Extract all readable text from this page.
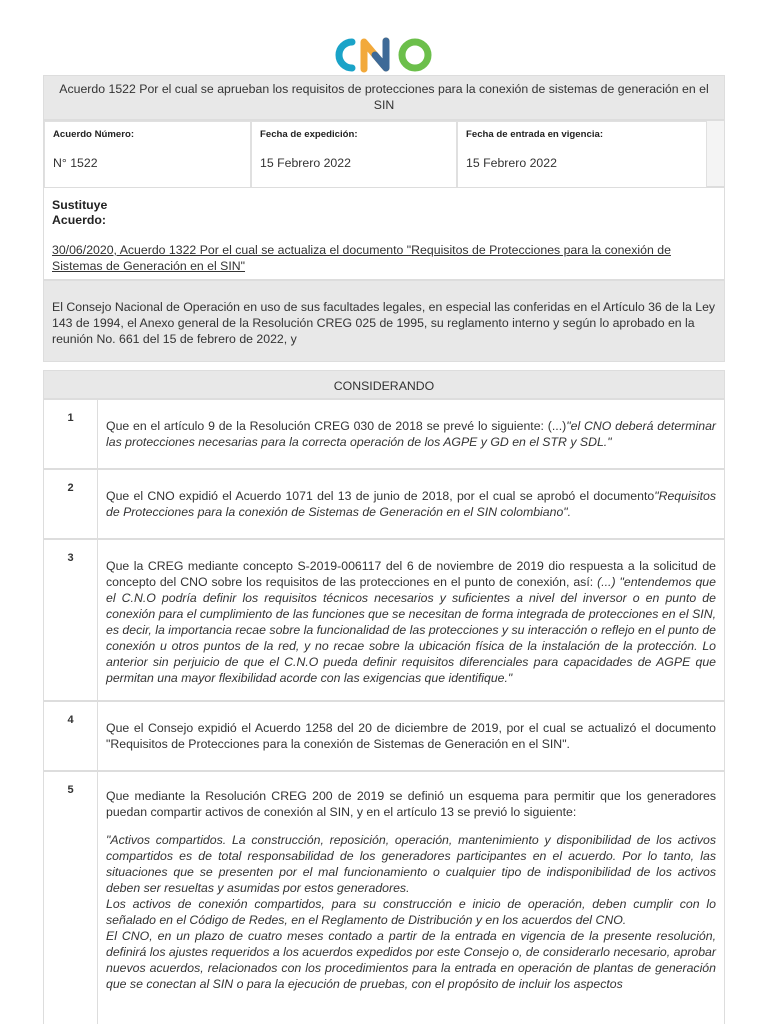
CNO
Acuerdo 1522 Por el cual se aprueban los requisitos de protecciones para la conexión de sistemas de generación en el SIN
Acuerdo Número:
N° 1522
Fecha de expedición:
15 Febrero 2022
Fecha de entrada en vigencia:
15 Febrero 2022
Sustituye Acuerdo:
30/06/2020, Acuerdo 1322 Por el cual se actualiza el documento "Requisitos de Protecciones para la conexión de Sistemas de Generación en el SIN"
El Consejo Nacional de Operación en uso de sus facultades legales, en especial las conferidas en el Artículo 36 de la Ley 143 de 1994, el Anexo general de la Resolución CREG 025 de 1995, su reglamento interno y según lo aprobado en la reunión No. 661 del 15 de febrero de 2022, y
CONSIDERANDO
1

Que en el artículo 9 de la Resolución CREG 030 de 2018 se prevé lo siguiente: (...)"el CNO deberá determinar las protecciones necesarias para la correcta operación de los AGPE y GD en el STR y SDL."

2

Que el CNO expidió el Acuerdo 1071 del 13 de junio de 2018, por el cual se aprobó el documento"Requisitos de Protecciones para la conexión de Sistemas de Generación en el SIN colombiano".

3

Que la CREG mediante concepto S-2019-006117 del 6 de noviembre de 2019 dio respuesta a la solicitud de concepto del CNO sobre los requisitos de las protecciones en el punto de conexión, así: (...) "entendemos que el C.N.O podría definir los requisitos técnicos necesarios y suficientes a nivel del inversor o en punto de conexión para el cumplimiento de las funciones que se necesitan de forma integrada de protecciones en el SIN, es decir, la importancia recae sobre la funcionalidad de las protecciones y su interacción o reflejo en el punto de conexión u otros puntos de la red, y no recae sobre la ubicación física de la instalación de la protección. Lo anterior sin perjuicio de que el C.N.O pueda definir requisitos diferenciales para capacidades de AGPE que permitan una mayor flexibilidad acorde con las exigencias que identifique."

4

Que el Consejo expidió el Acuerdo 1258 del 20 de diciembre de 2019, por el cual se actualizó el documento "Requisitos de Protecciones para la conexión de Sistemas de Generación en el SIN".

5	Que mediante la Resolución CREG 200 de 2019 se definió un esquema para permitir que los generadores puedan compartir activos de conexión al SIN, y en el artículo 13 se previó lo siguiente:

"Activos compartidos. La construcción, reposición, operación, mantenimiento y disponibilidad de los activos compartidos es de total responsabilidad de los generadores participantes en el acuerdo. Por lo tanto, las situaciones que se presenten por el mal funcionamiento o cualquier tipo de indisponibilidad de los activos deben ser resueltas y asumidas por estos generadores.

Los activos de conexión compartidos, para su construcción e inicio de operación, deben cumplir con lo señalado en el Código de Redes, en el Reglamento de Distribución y en los acuerdos del CNO.

El CNO, en un plazo de cuatro meses contado a partir de la entrada en vigencia de la presente resolución, definirá los ajustes requeridos a los acuerdos expedidos por este Consejo o, de considerarlo necesario, aprobar nuevos acuerdos, relacionados con los procedimientos para la entrada en operación de plantas de generación que se conectan al SIN o para la ejecución de pruebas, con el propósito de incluir los aspectos
